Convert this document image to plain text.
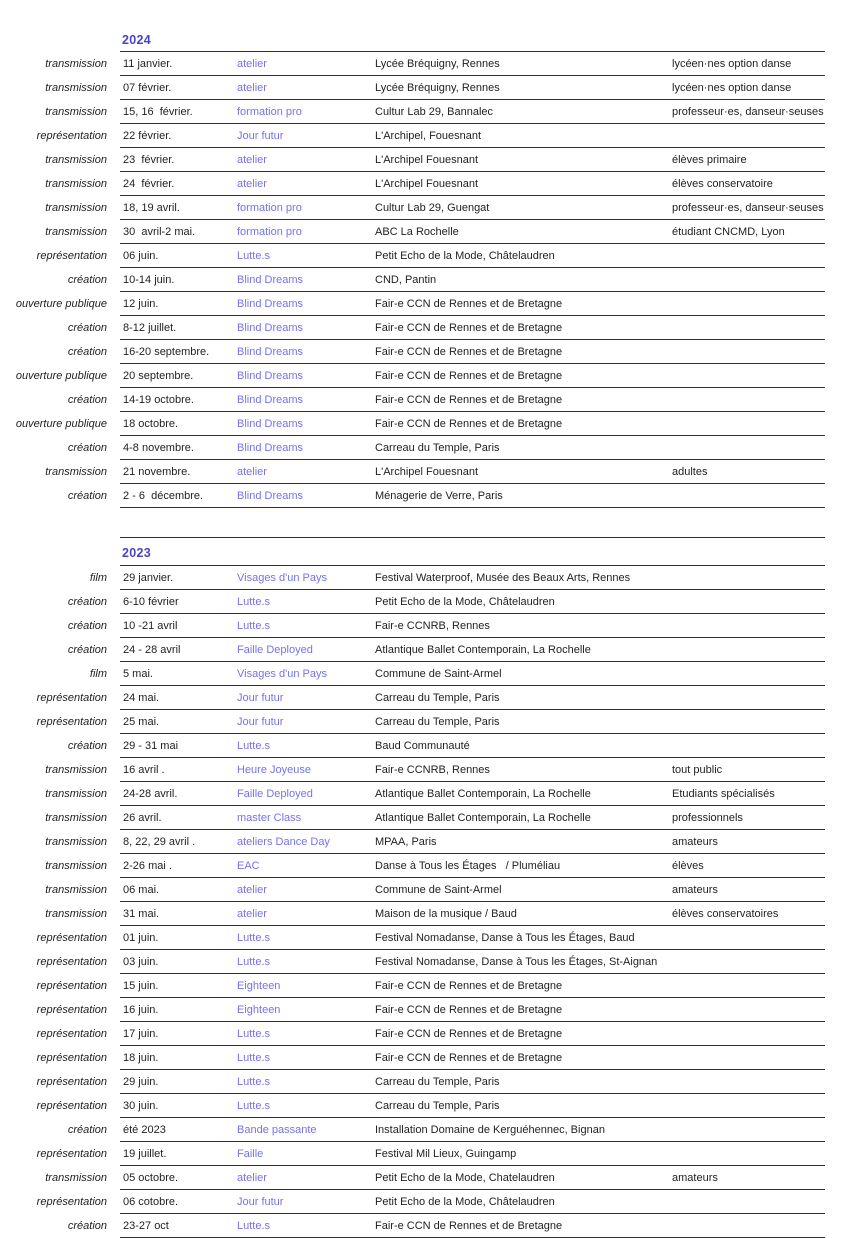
2024
transmission	11 janvier.	atelier	Lycée Bréquigny, Rennes	lycéen·nes option danse
transmission	07 février.	atelier	Lycée Bréquigny, Rennes	lycéen·nes option danse
transmission	15, 16  février.	formation pro	Cultur Lab 29, Bannalec	professeur·es, danseur·seuses
représentation	22 février.	Jour futur	L'Archipel, Fouesnant
transmission	23  février.	atelier	L'Archipel Fouesnant	élèves primaire
transmission	24  février.	atelier	L'Archipel Fouesnant	élèves conservatoire
transmission	18, 19 avril.	formation pro	Cultur Lab 29, Guengat	professeur·es, danseur·seuses
transmission	30  avril-2 mai.	formation pro	ABC La Rochelle	étudiant CNCMD, Lyon
représentation	06 juin.	Lutte.s	Petit Echo de la Mode, Châtelaudren
création	10-14 juin.	Blind Dreams	CND, Pantin
ouverture publique	12 juin.	Blind Dreams	Fair-e CCN de Rennes et de Bretagne
création	8-12 juillet.	Blind Dreams	Fair-e CCN de Rennes et de Bretagne
création	16-20 septembre.	Blind Dreams	Fair-e CCN de Rennes et de Bretagne
ouverture publique	20 septembre.	Blind Dreams	Fair-e CCN de Rennes et de Bretagne
création	14-19 octobre.	Blind Dreams	Fair-e CCN de Rennes et de Bretagne
ouverture publique	18 octobre.	Blind Dreams	Fair-e CCN de Rennes et de Bretagne
création	4-8 novembre.	Blind Dreams	Carreau du Temple, Paris
transmission	21 novembre.	atelier	L'Archipel Fouesnant	adultes
création	2 - 6  décembre.	Blind Dreams	Ménagerie de Verre, Paris
2023
film	29 janvier.	Visages d'un Pays	Festival Waterproof, Musée des Beaux Arts, Rennes
création	6-10 février	Lutte.s	Petit Echo de la Mode, Châtelaudren
création	10 -21 avril	Lutte.s	Fair-e CCNRB, Rennes
création	24 - 28 avril	Faille Deployed	Atlantique Ballet Contemporain, La Rochelle
film	5 mai.	Visages d'un Pays	Commune de Saint-Armel
représentation	24 mai.	Jour futur	Carreau du Temple, Paris
représentation	25 mai.	Jour futur	Carreau du Temple, Paris
création	29 - 31 mai	Lutte.s	Baud Communauté
transmission	16 avril .	Heure Joyeuse	Fair-e CCNRB, Rennes	tout public
transmission	24-28 avril.	Faille Deployed	Atlantique Ballet Contemporain, La Rochelle	Etudiants spécialisés
transmission	26 avril.	master Class	Atlantique Ballet Contemporain, La Rochelle	professionnels
transmission	8, 22, 29 avril .	ateliers Dance Day	MPAA, Paris	amateurs
transmission	2-26 mai .	EAC	Danse à Tous les Étages   / Pluméliau	élèves
transmission	06 mai.	atelier	Commune de Saint-Armel	amateurs
transmission	31 mai.	atelier	Maison de la musique / Baud	élèves conservatoires
représentation	01 juin.	Lutte.s	Festival Nomadanse, Danse à Tous les Étages, Baud
représentation	03 juin.	Lutte.s	Festival Nomadanse, Danse à Tous les Étages, St-Aignan
représentation	15 juin.	Eighteen	Fair-e CCN de Rennes et de Bretagne
représentation	16 juin.	Eighteen	Fair-e CCN de Rennes et de Bretagne
représentation	17 juin.	Lutte.s	Fair-e CCN de Rennes et de Bretagne
représentation	18 juin.	Lutte.s	Fair-e CCN de Rennes et de Bretagne
représentation	29 juin.	Lutte.s	Carreau du Temple, Paris
représentation	30 juin.	Lutte.s	Carreau du Temple, Paris
création	été 2023	Bande passante	Installation Domaine de Kerguéhennec, Bignan
représentation	19 juillet.	Faille	Festival Mil Lieux, Guingamp
transmission	05 octobre.	atelier	Petit Echo de la Mode, Chatelaudren	amateurs
représentation	06 cotobre.	Jour futur	Petit Echo de la Mode, Châtelaudren
création	23-27 oct	Lutte.s	Fair-e CCN de Rennes et de Bretagne
